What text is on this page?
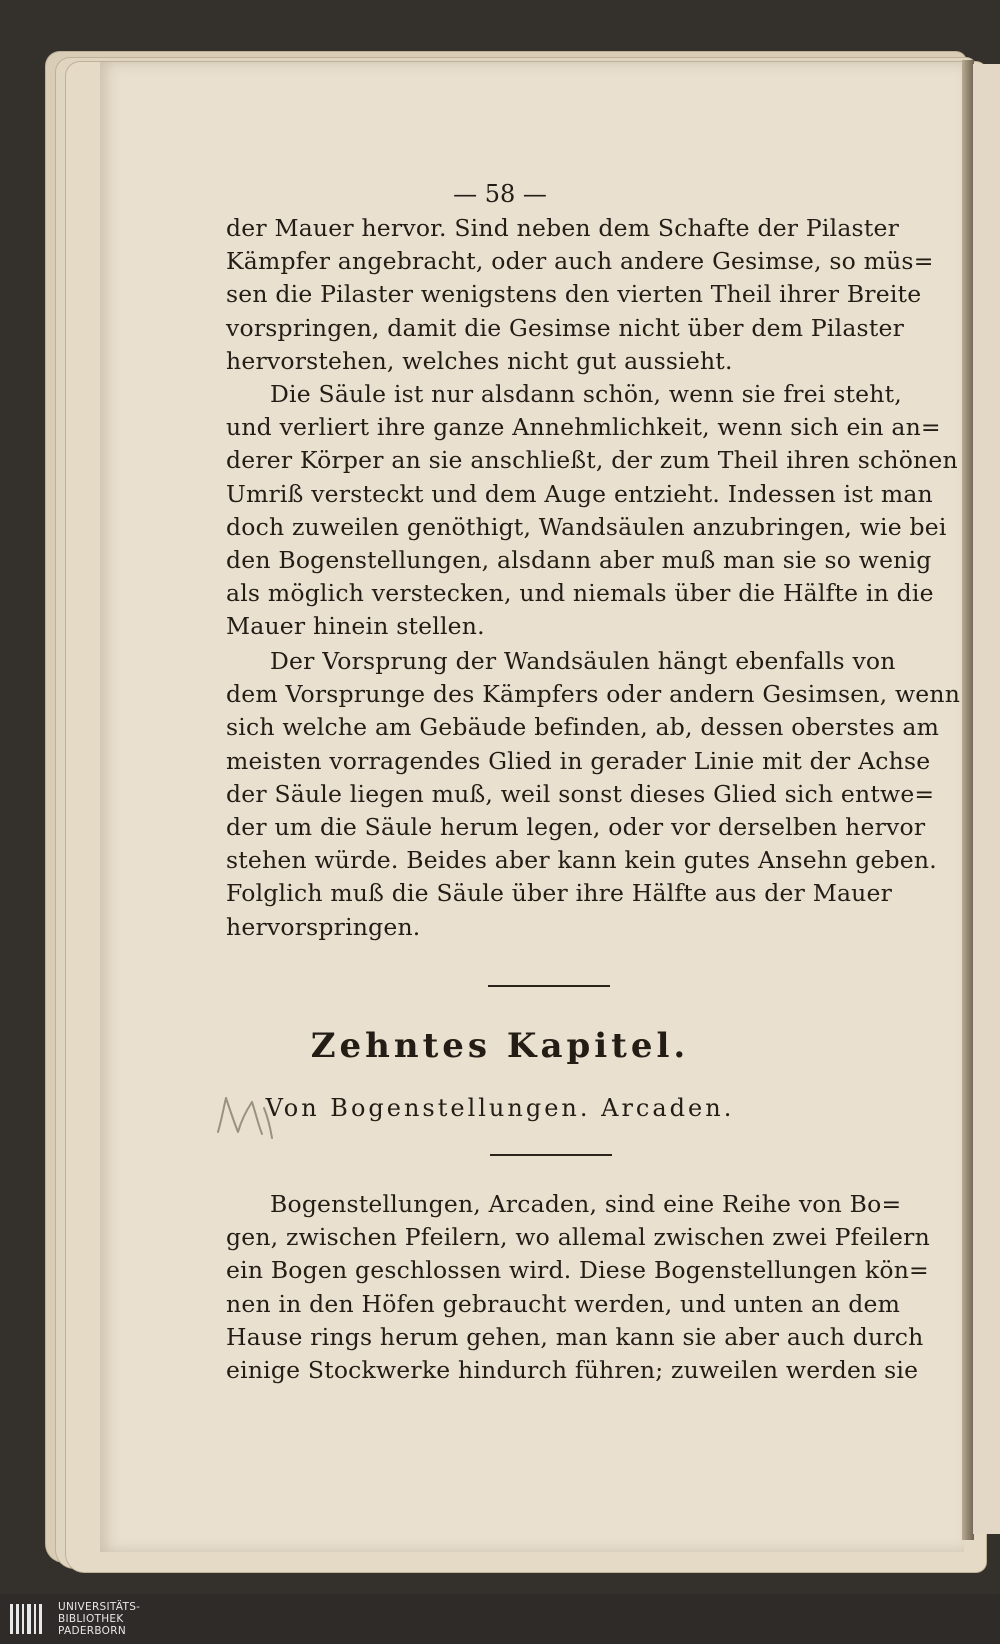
— 58 —
der Mauer hervor. Sind neben dem Schafte der Pilaster
Kämpfer angebracht, oder auch andere Gesimse, so müs=
sen die Pilaster wenigstens den vierten Theil ihrer Breite
vorspringen, damit die Gesimse nicht über dem Pilaster
hervorstehen, welches nicht gut aussieht.
Die Säule ist nur alsdann schön, wenn sie frei steht,
und verliert ihre ganze Annehmlichkeit, wenn sich ein an=
derer Körper an sie anschließt, der zum Theil ihren schönen
Umriß versteckt und dem Auge entzieht. Indessen ist man
doch zuweilen genöthigt, Wandsäulen anzubringen, wie bei
den Bogenstellungen, alsdann aber muß man sie so wenig
als möglich verstecken, und niemals über die Hälfte in die
Mauer hinein stellen.
Der Vorsprung der Wandsäulen hängt ebenfalls von
dem Vorsprunge des Kämpfers oder andern Gesimsen, wenn
sich welche am Gebäude befinden, ab, dessen oberstes am
meisten vorragendes Glied in gerader Linie mit der Achse
der Säule liegen muß, weil sonst dieses Glied sich entwe=
der um die Säule herum legen, oder vor derselben hervor
stehen würde. Beides aber kann kein gutes Ansehn geben.
Folglich muß die Säule über ihre Hälfte aus der Mauer
hervorspringen.
Zehntes Kapitel.
Von Bogenstellungen. Arcaden.
Bogenstellungen, Arcaden, sind eine Reihe von Bo=
gen, zwischen Pfeilern, wo allemal zwischen zwei Pfeilern
ein Bogen geschlossen wird. Diese Bogenstellungen kön=
nen in den Höfen gebraucht werden, und unten an dem
Hause rings herum gehen, man kann sie aber auch durch
einige Stockwerke hindurch führen; zuweilen werden sie
UNIVERSITÄTS-
BIBLIOTHEK
PADERBORN
